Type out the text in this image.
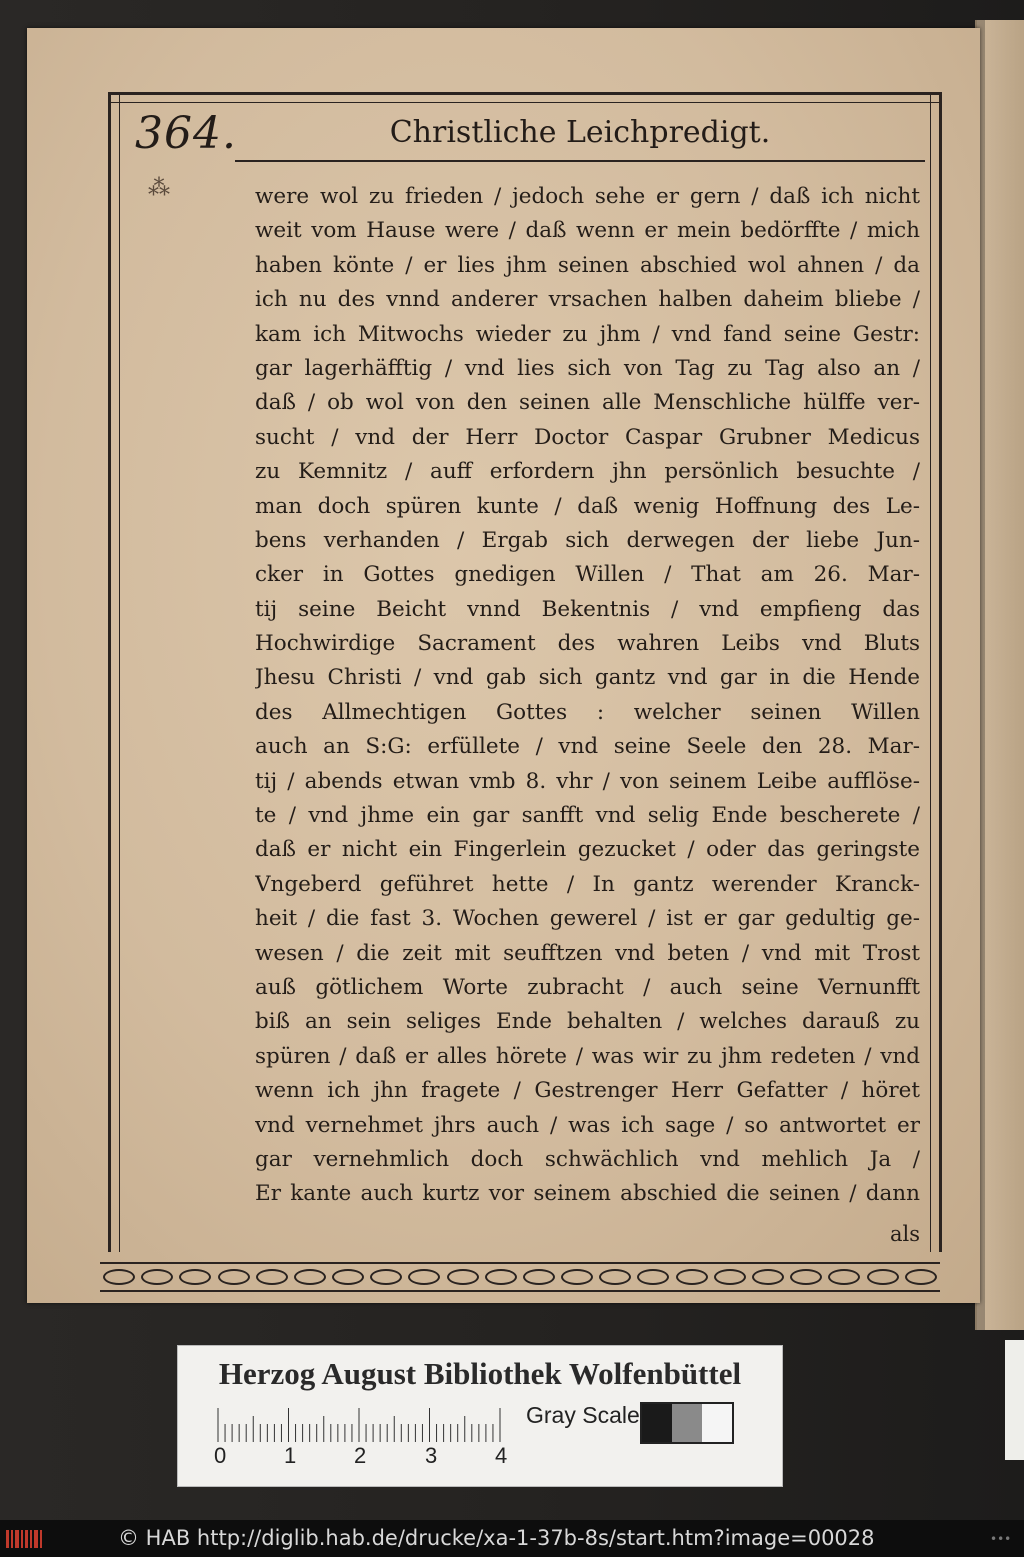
364.	Christliche Leichpredigt.
⁂	were wol zu frieden / jedoch sehe er gern / daß ich nicht
weit vom Hause were / daß wenn er mein bedörffte / mich
haben könte / er lies jhm seinen abschied wol ahnen / da
ich nu des vnnd anderer vrsachen halben daheim bliebe /
kam ich Mitwochs wieder zu jhm / vnd fand seine Gestr:
gar lagerhäfftig / vnd lies sich von Tag zu Tag also an /
daß / ob wol von den seinen alle Menschliche hülffe ver-
sucht / vnd der Herr Doctor Caspar Grubner Medicus
zu Kemnitz / auff erfordern jhn persönlich besuchte /
man doch spüren kunte / daß wenig Hoffnung des Le-
bens verhanden / Ergab sich derwegen der liebe Jun-
cker in Gottes gnedigen Willen / That am 26. Mar-
tij seine Beicht vnnd Bekentnis / vnd empfieng das
Hochwirdige Sacrament des wahren Leibs vnd Bluts
Jhesu Christi / vnd gab sich gantz vnd gar in die Hende
des Allmechtigen Gottes : welcher seinen Willen
auch an S:G: erfüllete / vnd seine Seele den 28. Mar-
tij / abends etwan vmb 8. vhr / von seinem Leibe aufflöse-
te / vnd jhme ein gar sanfft vnd selig Ende bescherete /
daß er nicht ein Fingerlein gezucket / oder das geringste
Vngeberd geführet hette / In gantz werender Kranck-
heit / die fast 3. Wochen gewerel / ist er gar gedultig ge-
wesen / die zeit mit seufftzen vnd beten / vnd mit Trost
auß götlichem Worte zubracht / auch seine Vernunfft
biß an sein seliges Ende behalten / welches darauß zu
spüren / daß er alles hörete / was wir zu jhm redeten / vnd
wenn ich jhn fragete / Gestrenger Herr Gefatter / höret
vnd vernehmet jhrs auch / was ich sage / so antwortet er
gar vernehmlich doch schwächlich vnd mehlich Ja /
Er kante auch kurtz vor seinem abschied die seinen / dann
als
Herzog August Bibliothek Wolfenbüttel
0	1	2	3	4
Gray Scale
© HAB http://diglib.hab.de/drucke/xa-1-37b-8s/start.htm?image=00028	•••
